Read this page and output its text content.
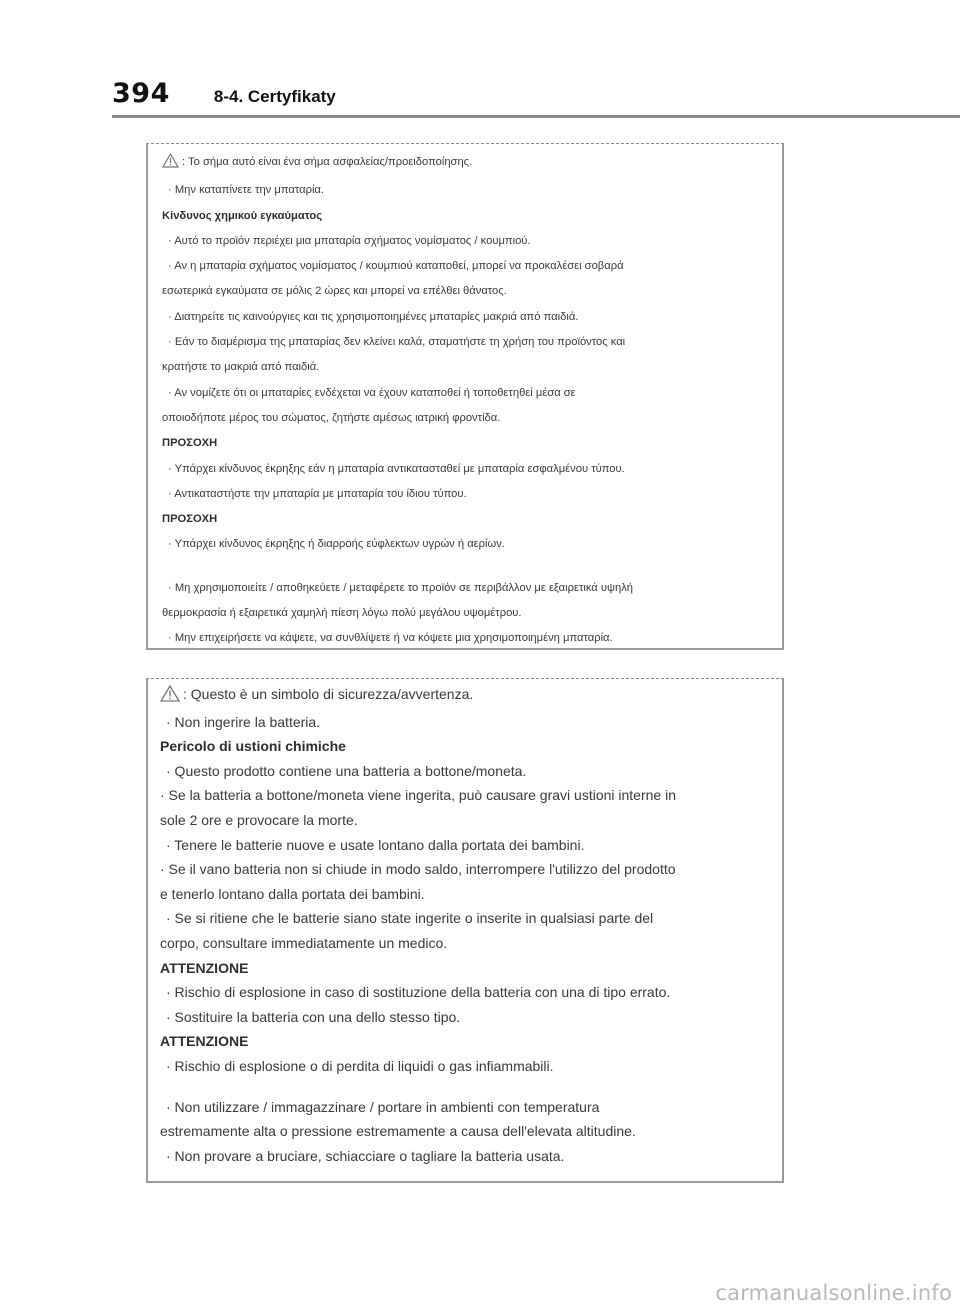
394	8-4. Certyfikaty
: Το σήμα αυτό είναι ένα σήμα ασφαλείας/προειδοποίησης.
· Μην καταπίνετε την μπαταρία.
Κίνδυνος χημικού εγκαύματος
· Αυτό το προϊόν περιέχει μια μπαταρία σχήματος νομίσματος / κουμπιού.
· Αν η μπαταρία σχήματος νομίσματος / κουμπιού καταποθεί, μπορεί να προκαλέσει σοβαρά
εσωτερικά εγκαύματα σε μόλις 2 ώρες και μπορεί να επέλθει θάνατος.
· Διατηρείτε τις καινούργιες και τις χρησιμοποιημένες μπαταρίες μακριά από παιδιά.
· Εάν το διαμέρισμα της μπαταρίας δεν κλείνει καλά, σταματήστε τη χρήση του προϊόντος και
κρατήστε το μακριά από παιδιά.
· Αν νομίζετε ότι οι μπαταρίες ενδέχεται να έχουν καταποθεί ή τοποθετηθεί μέσα σε
οποιοδήποτε μέρος του σώματος, ζητήστε αμέσως ιατρική φροντίδα.
ΠΡΟΣΟΧΗ
· Υπάρχει κίνδυνος έκρηξης εάν η μπαταρία αντικατασταθεί με μπαταρία εσφαλμένου τύπου.
· Αντικαταστήστε την μπαταρία με μπαταρία του ίδιου τύπου.
ΠΡΟΣΟΧΗ
· Υπάρχει κίνδυνος έκρηξης ή διαρροής εύφλεκτων υγρών ή αερίων.
· Μη χρησιμοποιείτε / αποθηκεύετε / μεταφέρετε το προϊόν σε περιβάλλον με εξαιρετικά υψηλή
θερμοκρασία ή εξαιρετικά χαμηλή πίεση λόγω πολύ μεγάλου υψομέτρου.
· Μην επιχειρήσετε να κάψετε, να συνθλίψετε ή να κόψετε μια χρησιμοποιημένη μπαταρία.
: Questo è un simbolo di sicurezza/avvertenza.
· Non ingerire la batteria.
Pericolo di ustioni chimiche
· Questo prodotto contiene una batteria a bottone/moneta.
· Se la batteria a bottone/moneta viene ingerita, può causare gravi ustioni interne in
sole 2 ore e provocare la morte.
· Tenere le batterie nuove e usate lontano dalla portata dei bambini.
· Se il vano batteria non si chiude in modo saldo, interrompere l'utilizzo del prodotto
e tenerlo lontano dalla portata dei bambini.
· Se si ritiene che le batterie siano state ingerite o inserite in qualsiasi parte del
corpo, consultare immediatamente un medico.
ATTENZIONE
· Rischio di esplosione in caso di sostituzione della batteria con una di tipo errato.
· Sostituire la batteria con una dello stesso tipo.
ATTENZIONE
· Rischio di esplosione o di perdita di liquidi o gas infiammabili.
· Non utilizzare / immagazzinare / portare in ambienti con temperatura
estremamente alta o pressione estremamente a causa dell'elevata altitudine.
· Non provare a bruciare, schiacciare o tagliare la batteria usata.
carmanualsonline.info
